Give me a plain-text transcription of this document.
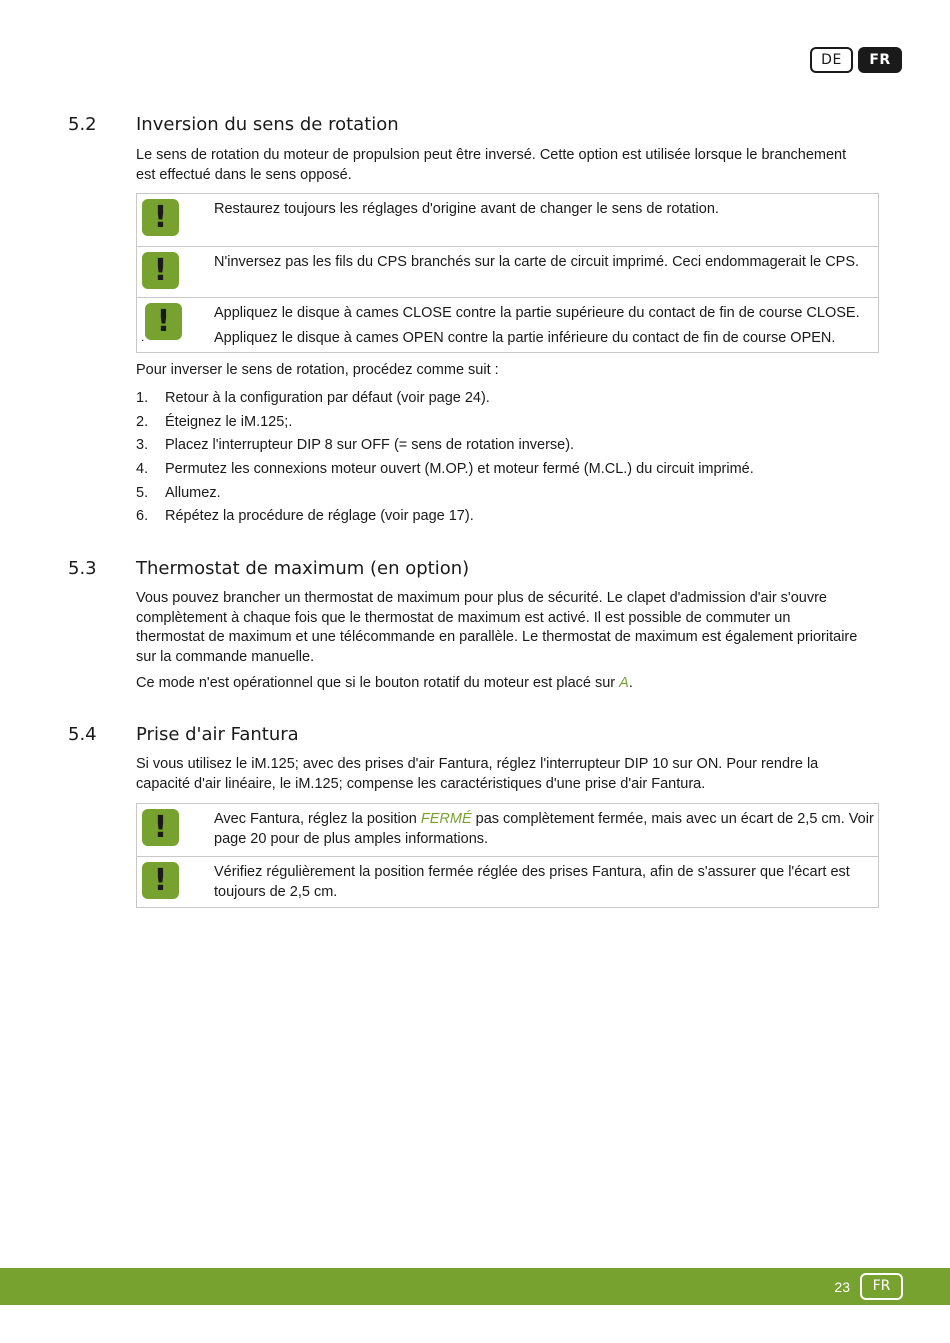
DE	FR
5.2 Inversion du sens de rotation

Le sens de rotation du moteur de propulsion peut être inversé. Cette option est utilisée lorsque le branchement est effectué dans le sens opposé.

!	Restaurez toujours les réglages d'origine avant de changer le sens de rotation.

!	N'inversez pas les fils du CPS branchés sur la carte de circuit imprimé. Ceci endommagerait le CPS.

. !	Appliquez le disque à cames CLOSE contre la partie supérieure du contact de fin de course CLOSE.

Appliquez le disque à cames OPEN contre la partie inférieure du contact de fin de course OPEN.

Pour inverser le sens de rotation, procédez comme suit :

1. Retour à la configuration par défaut (voir page 24).
2. Éteignez le iM.125;.
3. Placez l'interrupteur DIP 8 sur OFF (= sens de rotation inverse).
4. Permutez les connexions moteur ouvert (M.OP.) et moteur fermé (M.CL.) du circuit imprimé.
5. Allumez.
6. Répétez la procédure de réglage (voir page 17).
5.3 Thermostat de maximum (en option)

Vous pouvez brancher un thermostat de maximum pour plus de sécurité. Le clapet d'admission d'air s'ouvre complètement à chaque fois que le thermostat de maximum est activé. Il est possible de commuter un thermostat de maximum et une télécommande en parallèle. Le thermostat de maximum est également prioritaire sur la commande manuelle.

Ce mode n'est opérationnel que si le bouton rotatif du moteur est placé sur A.

5.4 Prise d'air Fantura

Si vous utilisez le iM.125; avec des prises d'air Fantura, réglez l'interrupteur DIP 10 sur ON. Pour rendre la capacité d'air linéaire, le iM.125; compense les caractéristiques d'une prise d'air Fantura.

!	Avec Fantura, réglez la position FERMÉ pas complètement fermée, mais avec un écart de 2,5 cm. Voir page 20 pour de plus amples informations.

!	Vérifiez régulièrement la position fermée réglée des prises Fantura, afin de s'assurer que l'écart est toujours de 2,5 cm.

23	FR
